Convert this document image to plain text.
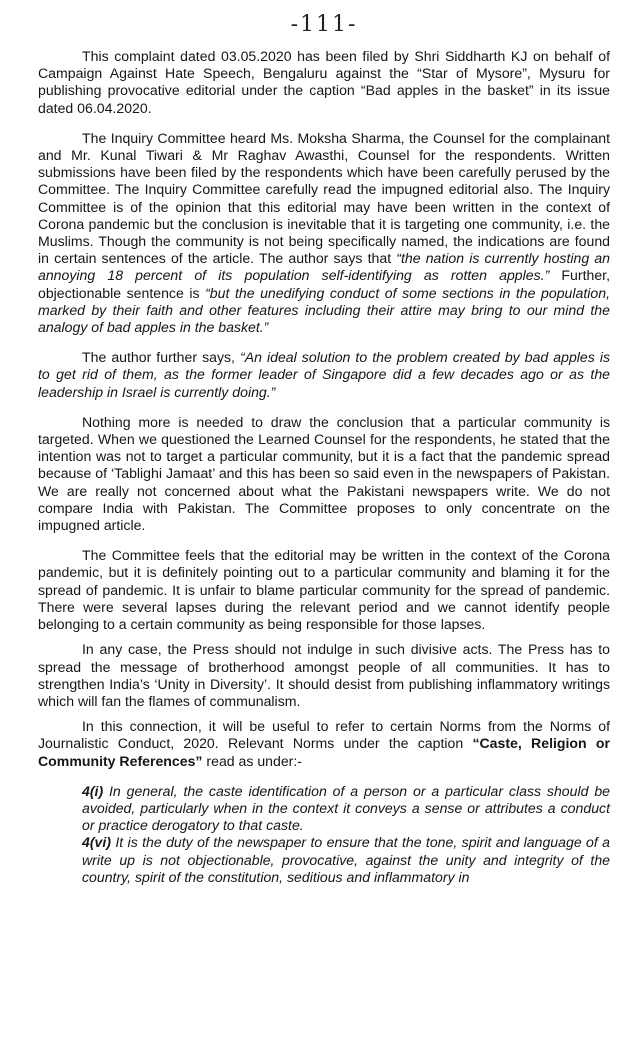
-111-

This complaint dated 03.05.2020 has been filed by Shri Siddharth KJ on behalf of Campaign Against Hate Speech, Bengaluru against the “Star of Mysore”, Mysuru for publishing provocative editorial under the caption “Bad apples in the basket” in its issue dated 06.04.2020.

The Inquiry Committee heard Ms. Moksha Sharma, the Counsel for the complainant and Mr. Kunal Tiwari & Mr Raghav Awasthi, Counsel for the respondents. Written submissions have been filed by the respondents which have been carefully perused by the Committee. The Inquiry Committee carefully read the impugned editorial also. The Inquiry Committee is of the opinion that this editorial may have been written in the context of Corona pandemic but the conclusion is inevitable that it is targeting one community, i.e. the Muslims. Though the community is not being specifically named, the indications are found in certain sentences of the article. The author says that “the nation is currently hosting an annoying 18 percent of its population self-identifying as rotten apples.” Further, objectionable sentence is “but the unedifying conduct of some sections in the population, marked by their faith and other features including their attire may bring to our mind the analogy of bad apples in the basket.”

The author further says, “An ideal solution to the problem created by bad apples is to get rid of them, as the former leader of Singapore did a few decades ago or as the leadership in Israel is currently doing.”

Nothing more is needed to draw the conclusion that a particular community is targeted. When we questioned the Learned Counsel for the respondents, he stated that the intention was not to target a particular community, but it is a fact that the pandemic spread because of ‘Tablighi Jamaat’ and this has been so said even in the newspapers of Pakistan. We are really not concerned about what the Pakistani newspapers write. We do not compare India with Pakistan. The Committee proposes to only concentrate on the impugned article.

The Committee feels that the editorial may be written in the context of the Corona pandemic, but it is definitely pointing out to a particular community and blaming it for the spread of pandemic. It is unfair to blame particular community for the spread of pandemic. There were several lapses during the relevant period and we cannot identify people belonging to a certain community as being responsible for those lapses.

In any case, the Press should not indulge in such divisive acts. The Press has to spread the message of brotherhood amongst people of all communities. It has to strengthen India’s ‘Unity in Diversity’. It should desist from publishing inflammatory writings which will fan the flames of communalism.

In this connection, it will be useful to refer to certain Norms from the Norms of Journalistic Conduct, 2020. Relevant Norms under the caption “Caste, Religion or Community References” read as under:-

4(i) In general, the caste identification of a person or a particular class should be avoided, particularly when in the context it conveys a sense or attributes a conduct or practice derogatory to that caste.

4(vi) It is the duty of the newspaper to ensure that the tone, spirit and language of a write up is not objectionable, provocative, against the unity and integrity of the country, spirit of the constitution, seditious and inflammatory in
